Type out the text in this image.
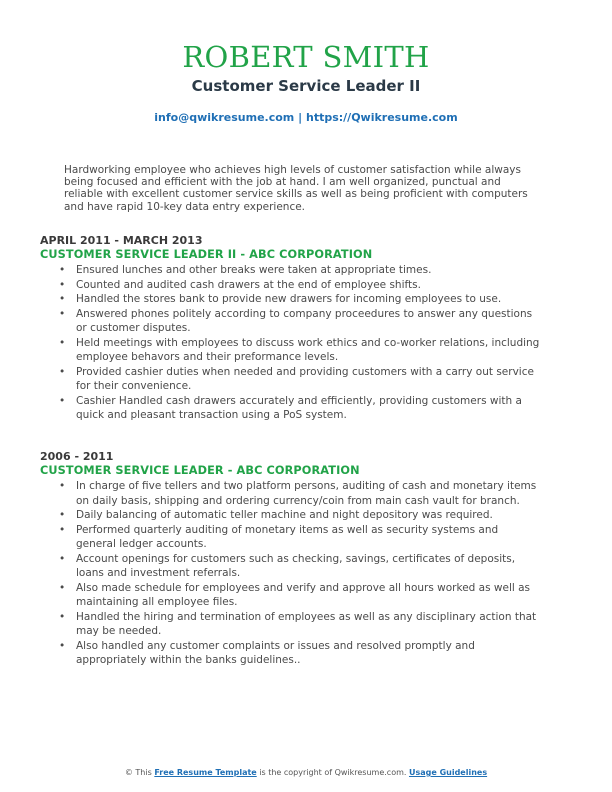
ROBERT SMITH
Customer Service Leader II
info@qwikresume.com | https://Qwikresume.com
Hardworking employee who achieves high levels of customer satisfaction while always being focused and efficient with the job at hand. I am well organized, punctual and reliable with excellent customer service skills as well as being proficient with computers and have rapid 10-key data entry experience.
APRIL 2011 - MARCH 2013
CUSTOMER SERVICE LEADER II - ABC CORPORATION
• Ensured lunches and other breaks were taken at appropriate times.
• Counted and audited cash drawers at the end of employee shifts.
• Handled the stores bank to provide new drawers for incoming employees to use.
• Answered phones politely according to company proceedures to answer any questions or customer disputes.
• Held meetings with employees to discuss work ethics and co-worker relations, including employee behavors and their preformance levels.
• Provided cashier duties when needed and providing customers with a carry out service for their convenience.
• Cashier Handled cash drawers accurately and efficiently, providing customers with a quick and pleasant transaction using a PoS system.
2006 - 2011
CUSTOMER SERVICE LEADER - ABC CORPORATION
• In charge of five tellers and two platform persons, auditing of cash and monetary items on daily basis, shipping and ordering currency/coin from main cash vault for branch.
• Daily balancing of automatic teller machine and night depository was required.
• Performed quarterly auditing of monetary items as well as security systems and general ledger accounts.
• Account openings for customers such as checking, savings, certificates of deposits, loans and investment referrals.
• Also made schedule for employees and verify and approve all hours worked as well as maintaining all employee files.
• Handled the hiring and termination of employees as well as any disciplinary action that may be needed.
• Also handled any customer complaints or issues and resolved promptly and appropriately within the banks guidelines..
© This Free Resume Template is the copyright of Qwikresume.com. Usage Guidelines
